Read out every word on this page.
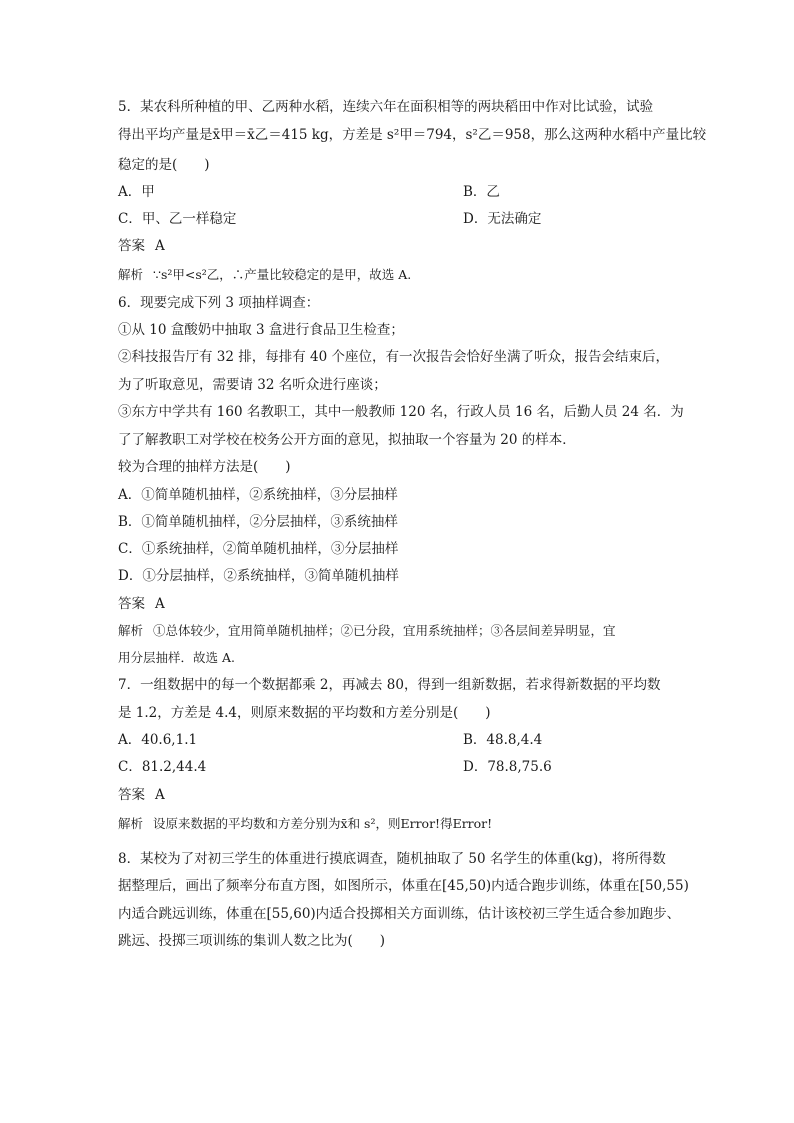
5．某农科所种植的甲、乙两种水稻，连续六年在面积相等的两块稻田中作对比试验，试验
得出平均产量是x̄甲＝x̄乙＝415 kg，方差是 s²甲＝794，s²乙＝958，那么这两种水稻中产量比较
稳定的是(　　)
A．甲	B．乙
C．甲、乙一样稳定	D．无法确定
答案 A
解析 ∵s²甲<s²乙，∴产量比较稳定的是甲，故选 A.
6．现要完成下列 3 项抽样调查：
①从 10 盒酸奶中抽取 3 盒进行食品卫生检查；
②科技报告厅有 32 排，每排有 40 个座位，有一次报告会恰好坐满了听众，报告会结束后，
为了听取意见，需要请 32 名听众进行座谈；
③东方中学共有 160 名教职工，其中一般教师 120 名，行政人员 16 名，后勤人员 24 名．为
了了解教职工对学校在校务公开方面的意见，拟抽取一个容量为 20 的样本．
较为合理的抽样方法是(　　)
A．①简单随机抽样，②系统抽样，③分层抽样
B．①简单随机抽样，②分层抽样，③系统抽样
C．①系统抽样，②简单随机抽样，③分层抽样
D．①分层抽样，②系统抽样，③简单随机抽样
答案 A
解析 ①总体较少，宜用简单随机抽样；②已分段，宜用系统抽样；③各层间差异明显，宜
用分层抽样．故选 A.
7．一组数据中的每一个数据都乘 2，再减去 80，得到一组新数据，若求得新数据的平均数
是 1.2，方差是 4.4，则原来数据的平均数和方差分别是(　　)
A．40.6,1.1	B．48.8,4.4
C．81.2,44.4	D．78.8,75.6
答案 A
解析 设原来数据的平均数和方差分别为x̄和 s²，则Error!得Error!
8．某校为了对初三学生的体重进行摸底调查，随机抽取了 50 名学生的体重(kg)，将所得数
据整理后，画出了频率分布直方图，如图所示，体重在[45,50)内适合跑步训练，体重在[50,55)
内适合跳远训练，体重在[55,60)内适合投掷相关方面训练，估计该校初三学生适合参加跑步、
跳远、投掷三项训练的集训人数之比为(　　)
